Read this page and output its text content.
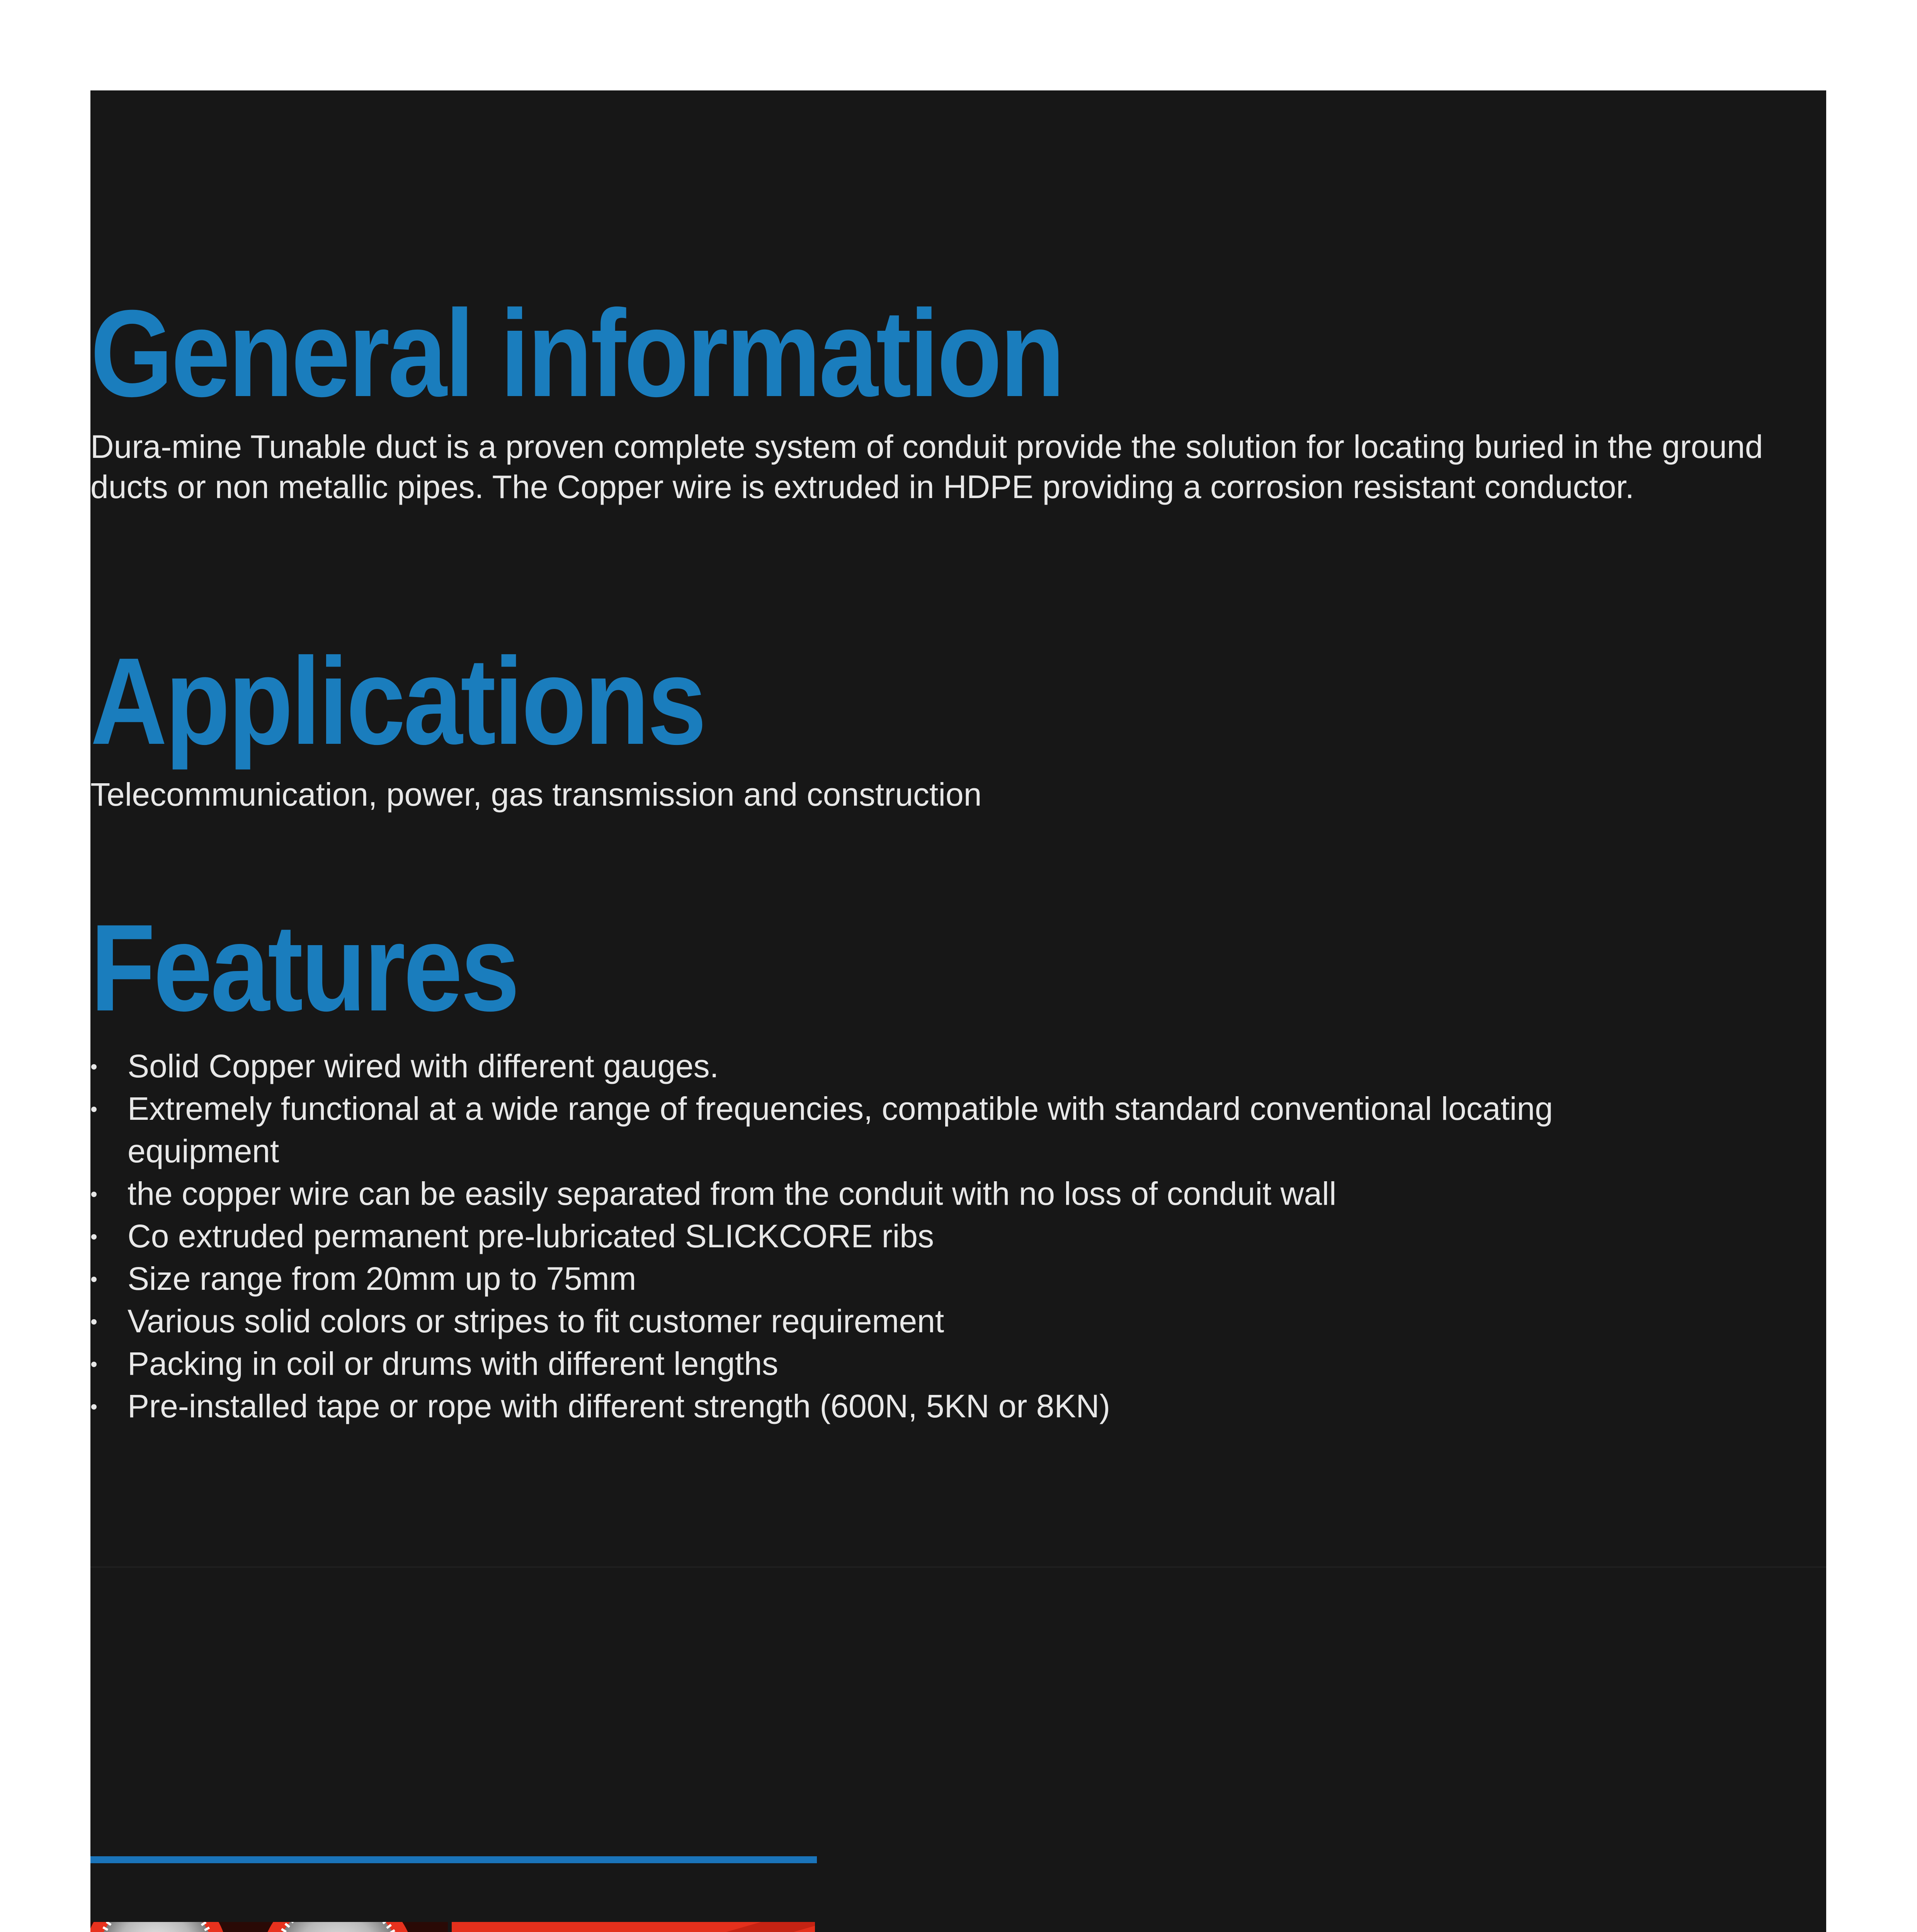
General information

Dura-mine Tunable duct is a proven complete system of conduit provide the solution for locating buried in the ground ducts or non metallic pipes. The Copper wire is extruded in HDPE providing a corrosion resistant conductor.

Applications

Telecommunication, power, gas transmission and construction

Features
Solid Copper wired with different gauges.
Extremely functional at a wide range of frequencies, compatible with standard conventional locating equipment
the copper wire can be easily separated from the conduit with no loss of conduit wall
Co extruded permanent pre-lubricated SLICKCORE ribs
Size range from 20mm up to 75mm
Various solid colors or stripes to fit customer requirement
Packing in coil or drums with different lengths
Pre-installed tape or rope with different strength (600N, 5KN or 8KN)
